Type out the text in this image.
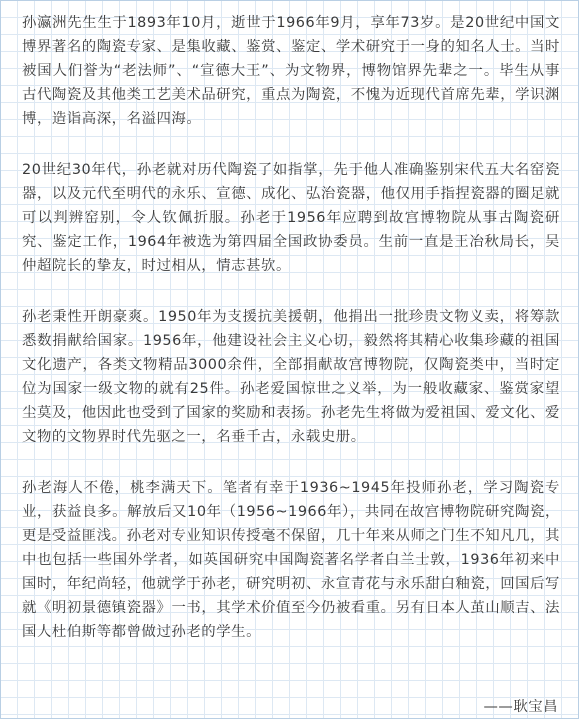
孙瀛洲先生生于1893年10月，逝世于1966年9月，享年73岁。是20世纪中国文博界著名的陶瓷专家、是集收藏、鉴赏、鉴定、学术研究于一身的知名人士。当时被国人们誉为“老法师”、“宣德大王”、为文物界，博物馆界先辈之一。毕生从事古代陶瓷及其他类工艺美术品研究，重点为陶瓷，不愧为近现代首席先辈，学识渊博，造诣高深，名溢四海。

20世纪30年代，孙老就对历代陶瓷了如指掌，先于他人准确鉴别宋代五大名窑瓷器，以及元代至明代的永乐、宣德、成化、弘治瓷器，他仅用手指捏瓷器的圈足就可以判辨窑别，令人钦佩折服。孙老于1956年应聘到故宫博物院从事古陶瓷研究、鉴定工作，1964年被选为第四届全国政协委员。生前一直是王冶秋局长，吴仲超院长的挚友，时过相从，情志甚欤。

孙老秉性开朗豪爽。1950年为支援抗美援朝，他捐出一批珍贵文物义卖，将筹款悉数捐献给国家。1956年，他建设社会主义心切，毅然将其精心收集珍藏的祖国文化遗产，各类文物精品3000余件，全部捐献故宫博物院，仅陶瓷类中，当时定位为国家一级文物的就有25件。孙老爱国惊世之义举，为一般收藏家、鉴赏家望尘莫及，他因此也受到了国家的奖励和表扬。孙老先生将做为爱祖国、爱文化、爱文物的文物界时代先驱之一，名垂千古，永载史册。

孙老海人不倦，桃李满天下。笔者有幸于1936~1945年投师孙老，学习陶瓷专业，获益良多。解放后又10年（1956~1966年），共同在故宫博物院研究陶瓷，更是受益匪浅。孙老对专业知识传授毫不保留，几十年来从师之门生不知凡几，其中也包括一些国外学者，如英国研究中国陶瓷著名学者白兰士敦，1936年初来中国时，年纪尚轻，他就学于孙老，研究明初、永宣青花与永乐甜白釉瓷，回国后写就《明初景德镇瓷器》一书，其学术价值至今仍被看重。另有日本人茧山顺吉、法国人杜伯斯等都曾做过孙老的学生。

——耿宝昌
